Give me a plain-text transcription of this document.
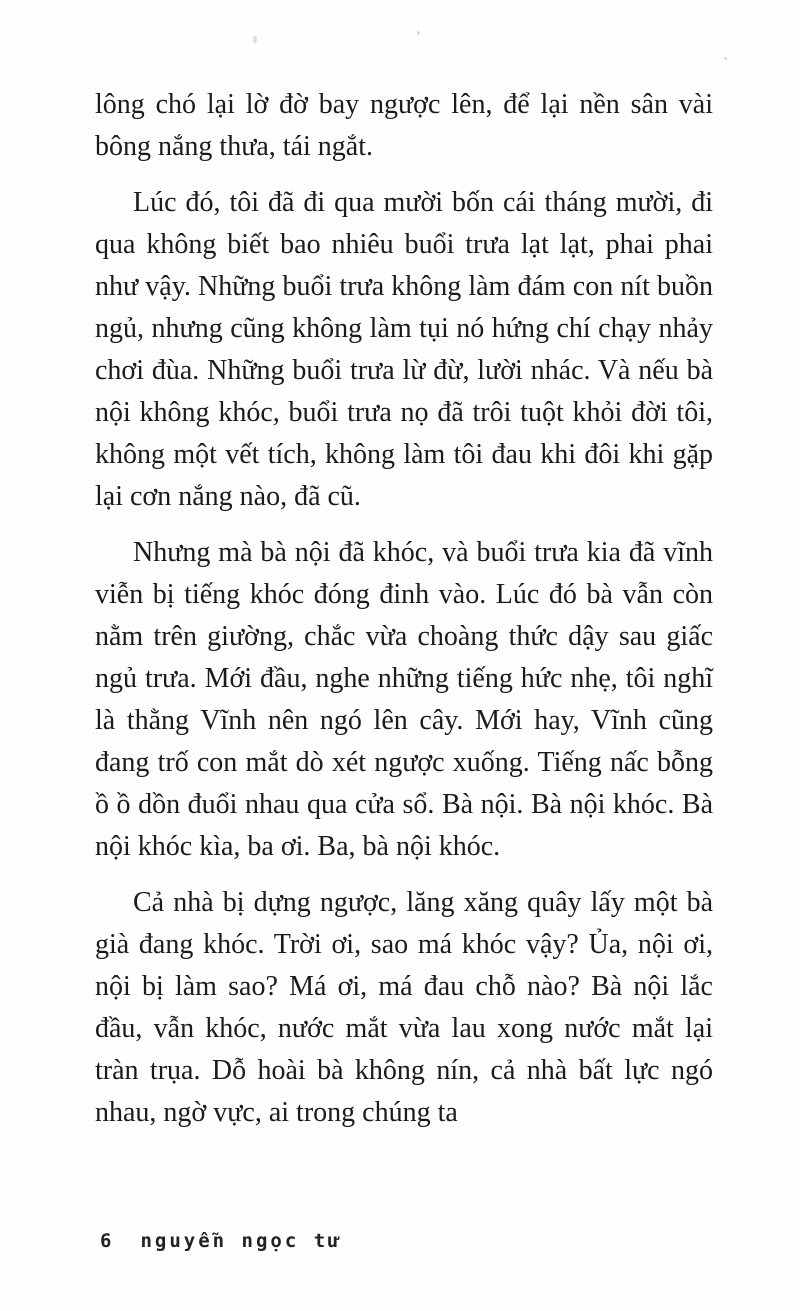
lông chó lại lờ đờ bay ngược lên, để lại nền sân vài bông nắng thưa, tái ngắt.

Lúc đó, tôi đã đi qua mười bốn cái tháng mười, đi qua không biết bao nhiêu buổi trưa lạt lạt, phai phai như vậy. Những buổi trưa không làm đám con nít buồn ngủ, nhưng cũng không làm tụi nó hứng chí chạy nhảy chơi đùa. Những buổi trưa lừ đừ, lười nhác. Và nếu bà nội không khóc, buổi trưa nọ đã trôi tuột khỏi đời tôi, không một vết tích, không làm tôi đau khi đôi khi gặp lại cơn nắng nào, đã cũ.

Nhưng mà bà nội đã khóc, và buổi trưa kia đã vĩnh viễn bị tiếng khóc đóng đinh vào. Lúc đó bà vẫn còn nằm trên giường, chắc vừa choàng thức dậy sau giấc ngủ trưa. Mới đầu, nghe những tiếng hức nhẹ, tôi nghĩ là thằng Vĩnh nên ngó lên cây. Mới hay, Vĩnh cũng đang trố con mắt dò xét ngược xuống. Tiếng nấc bỗng ồ ồ dồn đuổi nhau qua cửa sổ. Bà nội. Bà nội khóc. Bà nội khóc kìa, ba ơi. Ba, bà nội khóc.

Cả nhà bị dựng ngược, lăng xăng quây lấy một bà già đang khóc. Trời ơi, sao má khóc vậy? Ủa, nội ơi, nội bị làm sao? Má ơi, má đau chỗ nào? Bà nội lắc đầu, vẫn khóc, nước mắt vừa lau xong nước mắt lại tràn trụa. Dỗ hoài bà không nín, cả nhà bất lực ngó nhau, ngờ vực, ai trong chúng ta

6 nguyễn ngọc tư
